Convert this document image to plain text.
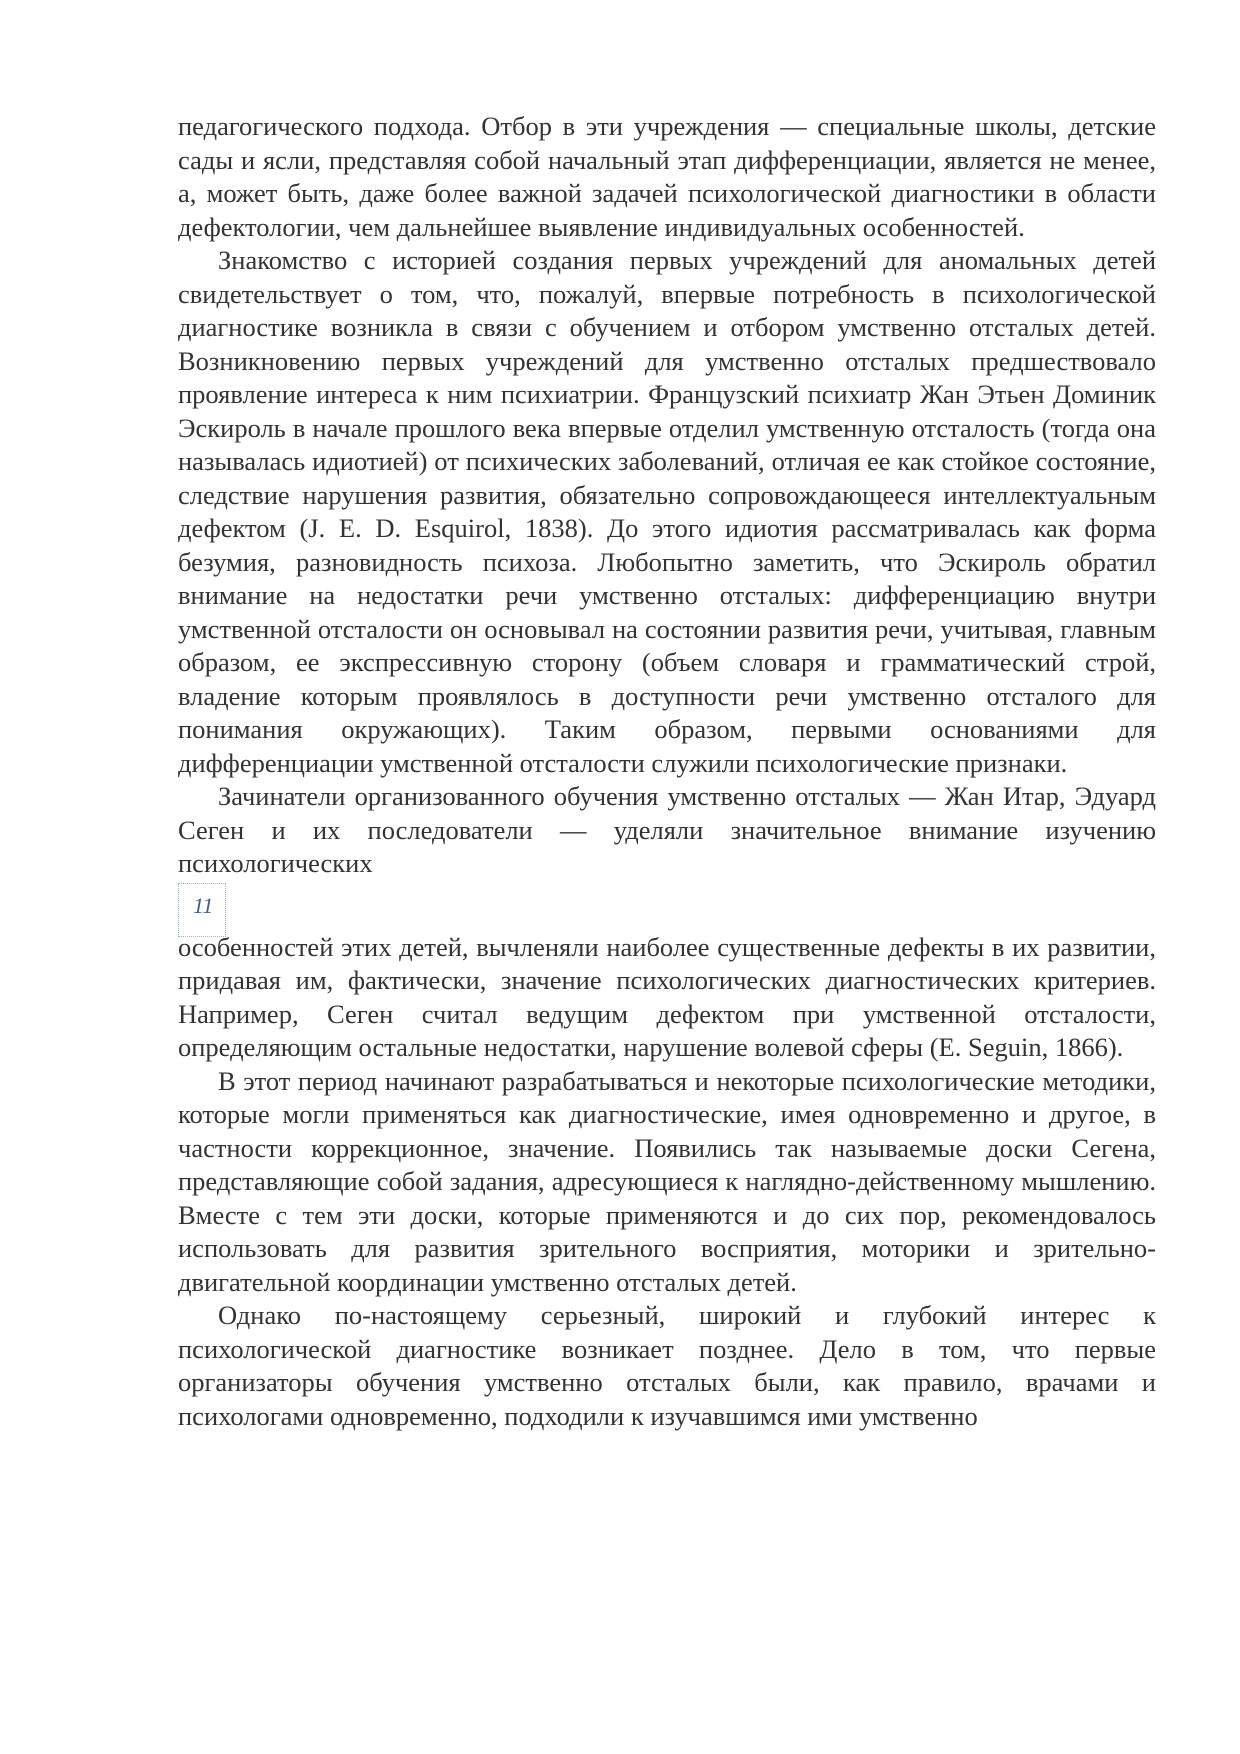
педагогического подхода. Отбор в эти учреждения — специальные школы, детские сады и ясли, представляя собой начальный этап дифференциации, является не менее, а, может быть, даже более важной задачей психологической диагностики в области дефектологии, чем дальнейшее выявление индивидуальных особенностей.

Знакомство с историей создания первых учреждений для аномальных детей свидетельствует о том, что, пожалуй, впервые потребность в психологической диагностике возникла в связи с обучением и отбором умственно отсталых детей. Возникновению первых учреждений для умственно отсталых предшествовало проявление интереса к ним психиатрии. Французский психиатр Жан Этьен Доминик Эскироль в начале прошлого века впервые отделил умственную отсталость (тогда она называлась идиотией) от психических заболеваний, отличая ее как стойкое состояние, следствие нарушения развития, обязательно сопровождающееся интеллектуальным дефектом (J. E. D. Esquirol, 1838). До этого идиотия рассматривалась как форма безумия, разновидность психоза. Любопытно заметить, что Эскироль обратил внимание на недостатки речи умственно отсталых: дифференциацию внутри умственной отсталости он основывал на состоянии развития речи, учитывая, главным образом, ее экспрессивную сторону (объем словаря и грамматический строй, владение которым проявлялось в доступности речи умственно отсталого для понимания окружающих). Таким образом, первыми основаниями для дифференциации умственной отсталости служили психологические признаки.

Зачинатели организованного обучения умственно отсталых — Жан Итар, Эдуард Сеген и их последователи — уделяли значительное внимание изучению психологических

11

особенностей этих детей, вычленяли наиболее существенные дефекты в их развитии, придавая им, фактически, значение психологических диагностических критериев. Например, Сеген считал ведущим дефектом при умственной отсталости, определяющим остальные недостатки, нарушение волевой сферы (E. Seguin, 1866).

В этот период начинают разрабатываться и некоторые психологические методики, которые могли применяться как диагностические, имея одновременно и другое, в частности коррекционное, значение. Появились так называемые доски Сегена, представляющие собой задания, адресующиеся к наглядно-действенному мышлению. Вместе с тем эти доски, которые применяются и до сих пор, рекомендовалось использовать для развития зрительного восприятия, моторики и зрительно-двигательной координации умственно отсталых детей.

Однако по-настоящему серьезный, широкий и глубокий интерес к психологической диагностике возникает позднее. Дело в том, что первые организаторы обучения умственно отсталых были, как правило, врачами и психологами одновременно, подходили к изучавшимся ими умственно
